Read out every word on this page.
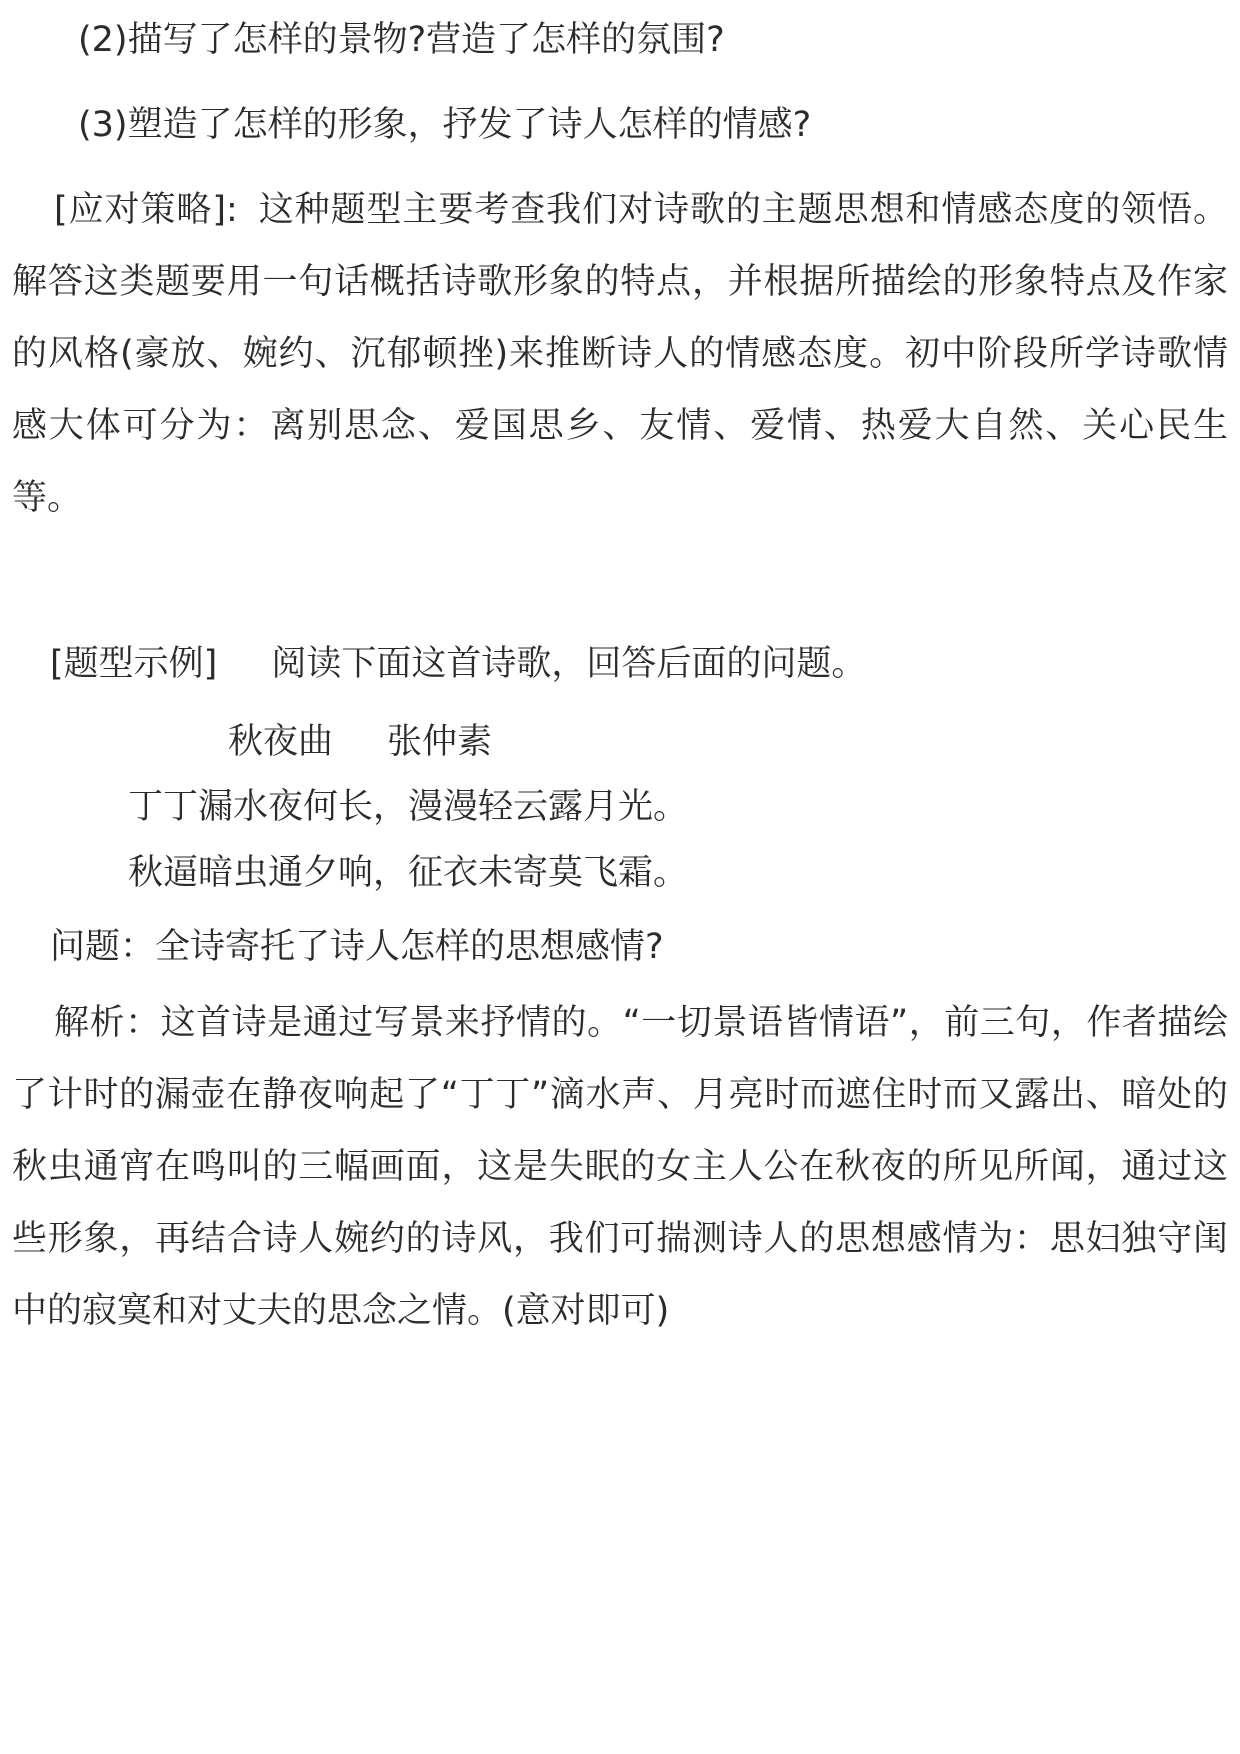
(2)描写了怎样的景物?营造了怎样的氛围?

(3)塑造了怎样的形象，抒发了诗人怎样的情感?

[应对策略]: 这种题型主要考查我们对诗歌的主题思想和情感态度的领悟。解答这类题要用一句话概括诗歌形象的特点，并根据所描绘的形象特点及作家的风格(豪放、婉约、沉郁顿挫)来推断诗人的情感态度。初中阶段所学诗歌情感大体可分为：离别思念、爱国思乡、友情、爱情、热爱大自然、关心民生等。

[题型示例] 阅读下面这首诗歌，回答后面的问题。

秋夜曲 张仲素

丁丁漏水夜何长，漫漫轻云露月光。

秋逼暗虫通夕响，征衣未寄莫飞霜。

问题：全诗寄托了诗人怎样的思想感情?

解析：这首诗是通过写景来抒情的。“一切景语皆情语”，前三句，作者描绘了计时的漏壶在静夜响起了“丁丁”滴水声、月亮时而遮住时而又露出、暗处的秋虫通宵在鸣叫的三幅画面，这是失眠的女主人公在秋夜的所见所闻，通过这些形象，再结合诗人婉约的诗风，我们可揣测诗人的思想感情为：思妇独守闺中的寂寞和对丈夫的思念之情。(意对即可)
